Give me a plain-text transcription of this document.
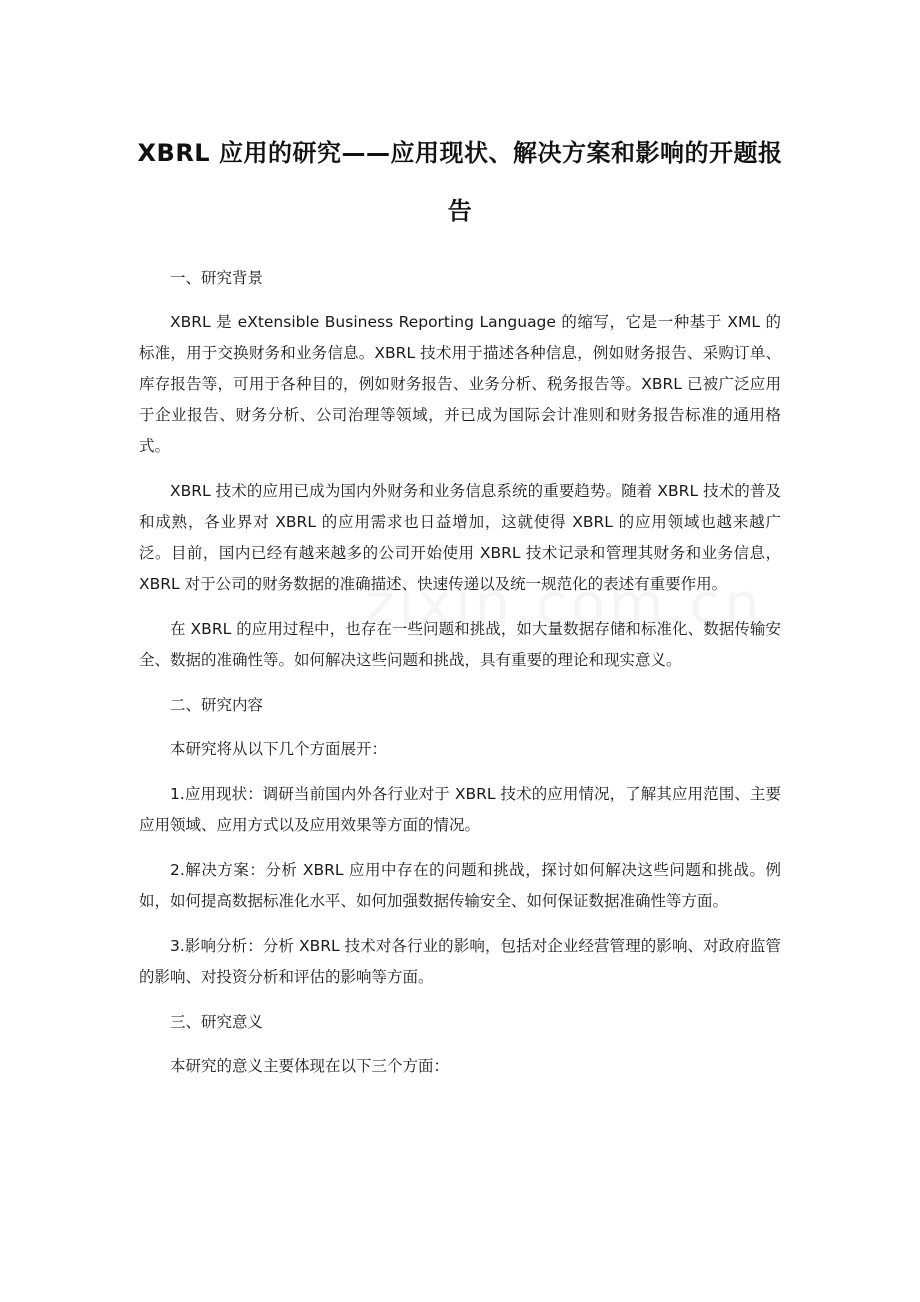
XBRL 应用的研究——应用现状、解决方案和影响的开题报告

一、研究背景

XBRL 是 eXtensible Business Reporting Language 的缩写，它是一种基于 XML 的标准，用于交换财务和业务信息。XBRL 技术用于描述各种信息，例如财务报告、采购订单、库存报告等，可用于各种目的，例如财务报告、业务分析、税务报告等。XBRL 已被广泛应用于企业报告、财务分析、公司治理等领域，并已成为国际会计准则和财务报告标准的通用格式。

XBRL 技术的应用已成为国内外财务和业务信息系统的重要趋势。随着 XBRL 技术的普及和成熟，各业界对 XBRL 的应用需求也日益增加，这就使得 XBRL 的应用领域也越来越广泛。目前，国内已经有越来越多的公司开始使用 XBRL 技术记录和管理其财务和业务信息，XBRL 对于公司的财务数据的准确描述、快速传递以及统一规范化的表述有重要作用。

在 XBRL 的应用过程中，也存在一些问题和挑战，如大量数据存储和标准化、数据传输安全、数据的准确性等。如何解决这些问题和挑战，具有重要的理论和现实意义。

二、研究内容

本研究将从以下几个方面展开：

1.应用现状：调研当前国内外各行业对于 XBRL 技术的应用情况，了解其应用范围、主要应用领域、应用方式以及应用效果等方面的情况。

2.解决方案：分析 XBRL 应用中存在的问题和挑战，探讨如何解决这些问题和挑战。例如，如何提高数据标准化水平、如何加强数据传输安全、如何保证数据准确性等方面。

3.影响分析：分析 XBRL 技术对各行业的影响，包括对企业经营管理的影响、对政府监管的影响、对投资分析和评估的影响等方面。

三、研究意义

本研究的意义主要体现在以下三个方面：
